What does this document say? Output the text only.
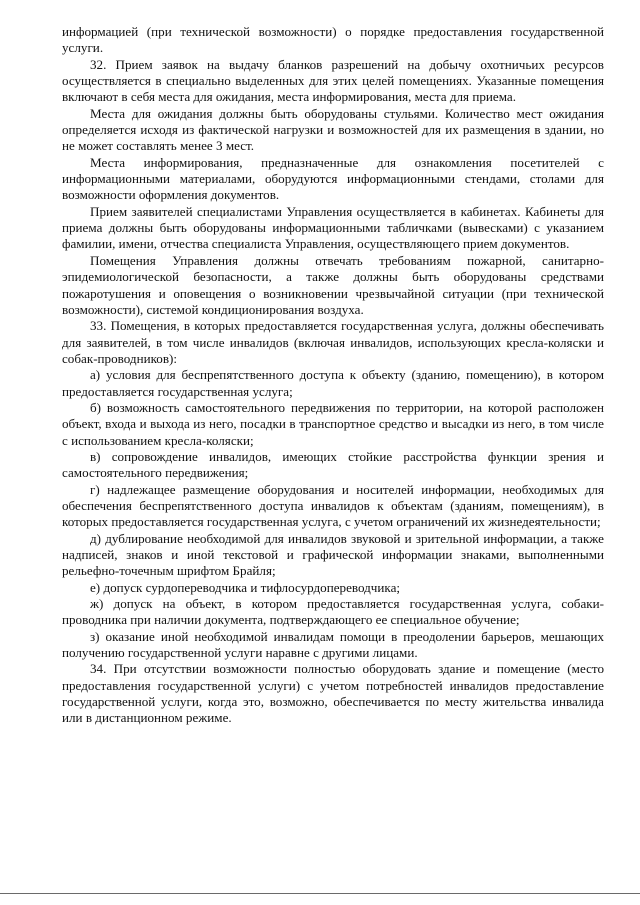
информацией (при технической возможности) о порядке предоставления государственной услуги.

32. Прием заявок на выдачу бланков разрешений на добычу охотничьих ресурсов осуществляется в специально выделенных для этих целей помещениях. Указанные помещения включают в себя места для ожидания, места информирования, места для приема.

Места для ожидания должны быть оборудованы стульями. Количество мест ожидания определяется исходя из фактической нагрузки и возможностей для их размещения в здании, но не может составлять менее 3 мест.

Места информирования, предназначенные для ознакомления посетителей с информационными материалами, оборудуются информационными стендами, столами для возможности оформления документов.

Прием заявителей специалистами Управления осуществляется в кабинетах. Кабинеты для приема должны быть оборудованы информационными табличками (вывесками) с указанием фамилии, имени, отчества специалиста Управления, осуществляющего прием документов.

Помещения Управления должны отвечать требованиям пожарной, санитарно-эпидемиологической безопасности, а также должны быть оборудованы средствами пожаротушения и оповещения о возникновении чрезвычайной ситуации (при технической возможности), системой кондиционирования воздуха.

33. Помещения, в которых предоставляется государственная услуга, должны обеспечивать для заявителей, в том числе инвалидов (включая инвалидов, использующих кресла-коляски и собак-проводников):

а) условия для беспрепятственного доступа к объекту (зданию, помещению), в котором предоставляется государственная услуга;

б) возможность самостоятельного передвижения по территории, на которой расположен объект, входа и выхода из него, посадки в транспортное средство и высадки из него, в том числе с использованием кресла-коляски;

в) сопровождение инвалидов, имеющих стойкие расстройства функции зрения и самостоятельного передвижения;

г) надлежащее размещение оборудования и носителей информации, необходимых для обеспечения беспрепятственного доступа инвалидов к объектам (зданиям, помещениям), в которых предоставляется государственная услуга, с учетом ограничений их жизнедеятельности;

д) дублирование необходимой для инвалидов звуковой и зрительной информации, а также надписей, знаков и иной текстовой и графической информации знаками, выполненными рельефно-точечным шрифтом Брайля;

е) допуск сурдопереводчика и тифлосурдопереводчика;

ж) допуск на объект, в котором предоставляется государственная услуга, собаки-проводника при наличии документа, подтверждающего ее специальное обучение;

з) оказание иной необходимой инвалидам помощи в преодолении барьеров, мешающих получению государственной услуги наравне с другими лицами.

34. При отсутствии возможности полностью оборудовать здание и помещение (место предоставления государственной услуги) с учетом потребностей инвалидов предоставление государственной услуги, когда это, возможно, обеспечивается по месту жительства инвалида или в дистанционном режиме.
